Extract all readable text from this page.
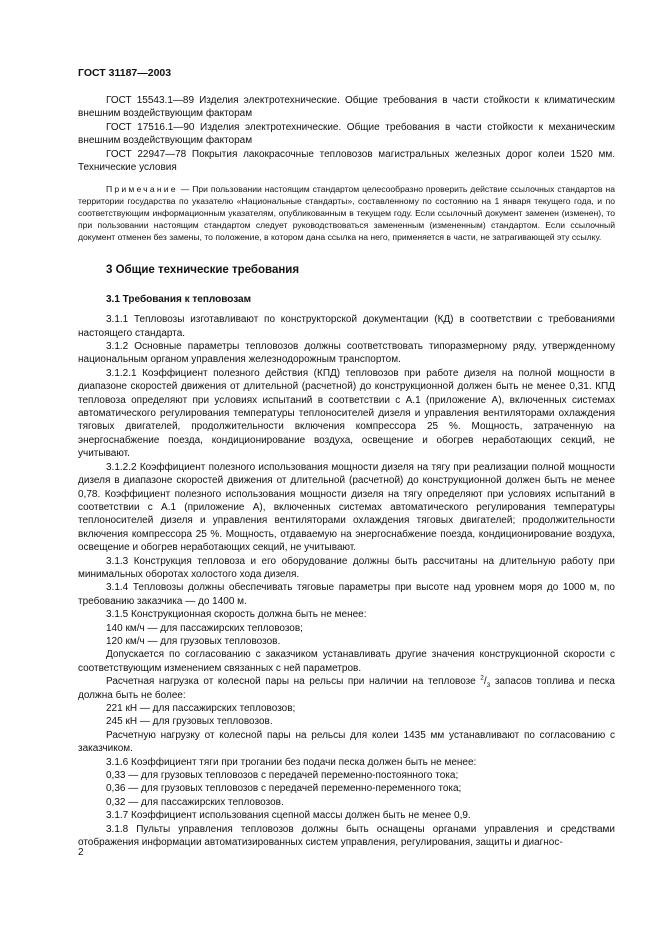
ГОСТ 31187—2003

ГОСТ 15543.1—89 Изделия электротехнические. Общие требования в части стойкости к климатическим внешним воздействующим факторам

ГОСТ 17516.1—90 Изделия электротехнические. Общие требования в части стойкости к механическим внешним воздействующим факторам

ГОСТ 22947—78 Покрытия лакокрасочные тепловозов магистральных железных дорог колеи 1520 мм. Технические условия

Примечание — При пользовании настоящим стандартом целесообразно проверить действие ссылочных стандартов на территории государства по указателю «Национальные стандарты», составленному по состоянию на 1 января текущего года, и по соответствующим информационным указателям, опубликованным в текущем году. Если ссылочный документ заменен (изменен), то при пользовании настоящим стандартом следует руководствоваться замененным (измененным) стандартом. Если ссылочный документ отменен без замены, то положение, в котором дана ссылка на него, применяется в части, не затрагивающей эту ссылку.

3 Общие технические требования
3.1 Требования к тепловозам

3.1.1 Тепловозы изготавливают по конструкторской документации (КД) в соответствии с требованиями настоящего стандарта.

3.1.2 Основные параметры тепловозов должны соответствовать типоразмерному ряду, утвержденному национальным органом управления железнодорожным транспортом.

3.1.2.1 Коэффициент полезного действия (КПД) тепловозов при работе дизеля на полной мощности в диапазоне скоростей движения от длительной (расчетной) до конструкционной должен быть не менее 0,31. КПД тепловоза определяют при условиях испытаний в соответствии с А.1 (приложение А), включенных системах автоматического регулирования температуры теплоносителей дизеля и управления вентиляторами охлаждения тяговых двигателей, продолжительности включения компрессора 25 %. Мощность, затраченную на энергоснабжение поезда, кондиционирование воздуха, освещение и обогрев неработающих секций, не учитывают.

3.1.2.2 Коэффициент полезного использования мощности дизеля на тягу при реализации полной мощности дизеля в диапазоне скоростей движения от длительной (расчетной) до конструкционной должен быть не менее 0,78. Коэффициент полезного использования мощности дизеля на тягу определяют при условиях испытаний в соответствии с А.1 (приложение А), включенных системах автоматического регулирования температуры теплоносителей дизеля и управления вентиляторами охлаждения тяговых двигателей; продолжительности включения компрессора 25 %. Мощность, отдаваемую на энергоснабжение поезда, кондиционирование воздуха, освещение и обогрев неработающих секций, не учитывают.

3.1.3 Конструкция тепловоза и его оборудование должны быть рассчитаны на длительную работу при минимальных оборотах холостого хода дизеля.

3.1.4 Тепловозы должны обеспечивать тяговые параметры при высоте над уровнем моря до 1000 м, по требованию заказчика — до 1400 м.

3.1.5 Конструкционная скорость должна быть не менее:

140 км/ч — для пассажирских тепловозов;

120 км/ч — для грузовых тепловозов.

Допускается по согласованию с заказчиком устанавливать другие значения конструкционной скорости с соответствующим изменением связанных с ней параметров.

Расчетная нагрузка от колесной пары на рельсы при наличии на тепловозе $^2/_3$ запасов топлива и песка должна быть не более:

221 кН — для пассажирских тепловозов;

245 кН — для грузовых тепловозов.

Расчетную нагрузку от колесной пары на рельсы для колеи 1435 мм устанавливают по согласованию с заказчиком.

3.1.6 Коэффициент тяги при трогании без подачи песка должен быть не менее:

0,33 — для грузовых тепловозов с передачей переменно-постоянного тока;

0,36 — для грузовых тепловозов с передачей переменно-переменного тока;

0,32 — для пассажирских тепловозов.

3.1.7 Коэффициент использования сцепной массы должен быть не менее 0,9.

3.1.8 Пульты управления тепловозов должны быть оснащены органами управления и средствами отображения информации автоматизированных систем управления, регулирования, защиты и диагнос-

2
